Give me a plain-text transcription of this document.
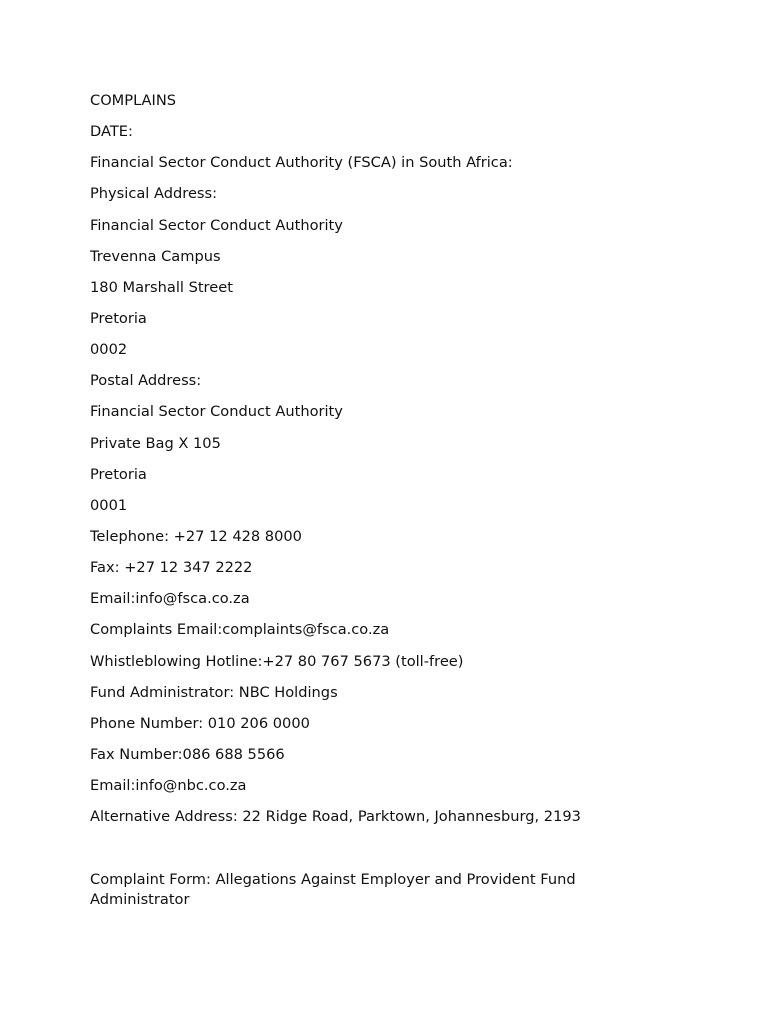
COMPLAINS
DATE:
Financial Sector Conduct Authority (FSCA) in South Africa:
Physical Address:
Financial Sector Conduct Authority
Trevenna Campus
180 Marshall Street
Pretoria
0002
Postal Address:
Financial Sector Conduct Authority
Private Bag X 105
Pretoria
0001
Telephone: +27 12 428 8000
Fax: +27 12 347 2222
Email:info@fsca.co.za
Complaints Email:complaints@fsca.co.za
Whistleblowing Hotline:+27 80 767 5673 (toll-free)
Fund Administrator: NBC Holdings
Phone Number: 010 206 0000
Fax Number:086 688 5566
Email:info@nbc.co.za
Alternative Address: 22 Ridge Road, Parktown, Johannesburg, 2193
Complaint Form: Allegations Against Employer and Provident Fund Administrator
